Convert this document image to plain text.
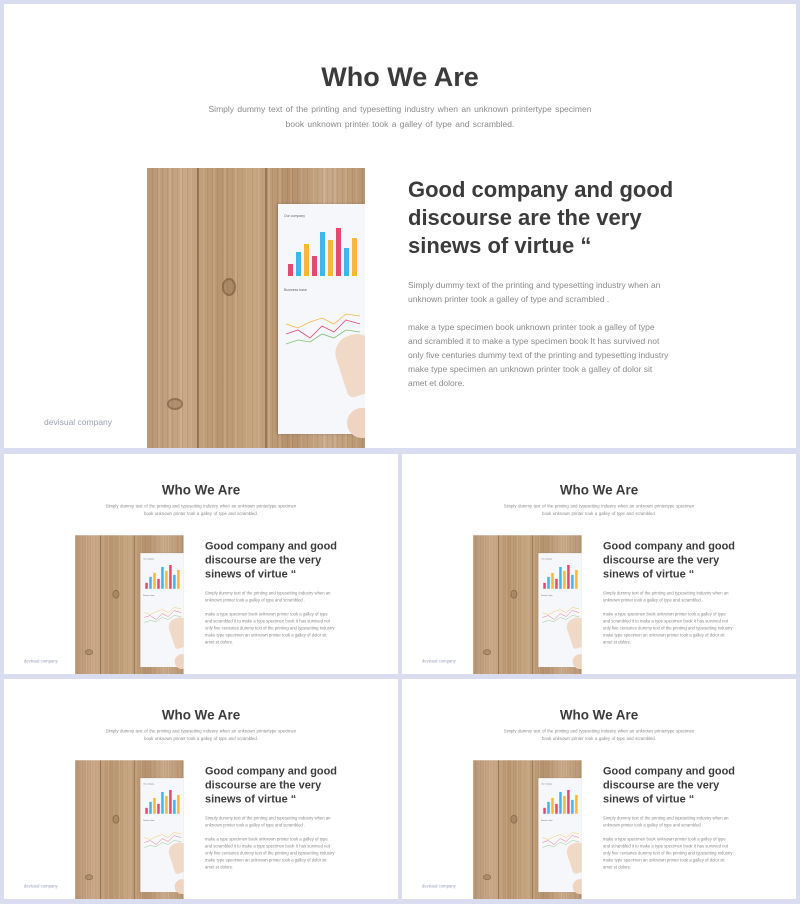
Who We Are

Simply dummy text of the printing and typesetting industry when an unknown printertype specimen book unknown printer took a galley of type and scrambled.

Our company
Business base
Good company and good discourse are the very sinews of virtue “

Simply dummy text of the printing and typesetting industry when an unknown printer took a galley of type and scrambled .

make a type specimen book unknown printer took a galley of type and scrambled it to make a type specimen book It has survived not only five centuries dummy text of the printing and typesetting industry make type specimen an unknown printer took a galley of dolor sit amet et dolore.

devisual company

Who We Are

Simply dummy text of the printing and typesetting industry when an unknown printertype specimen book unknown printer took a galley of type and scrambled.

Our company
Business base
Good company and good discourse are the very sinews of virtue “

Simply dummy text of the printing and typesetting industry when an unknown printer took a galley of type and scrambled .

make a type specimen book unknown printer took a galley of type and scrambled it to make a type specimen book It has survived not only five centuries dummy text of the printing and typesetting industry make type specimen an unknown printer took a galley of dolor sit amet et dolore.

devisual company

Who We Are

Simply dummy text of the printing and typesetting industry when an unknown printertype specimen book unknown printer took a galley of type and scrambled.

Our company
Business base
Good company and good discourse are the very sinews of virtue “

Simply dummy text of the printing and typesetting industry when an unknown printer took a galley of type and scrambled .

make a type specimen book unknown printer took a galley of type and scrambled it to make a type specimen book It has survived not only five centuries dummy text of the printing and typesetting industry make type specimen an unknown printer took a galley of dolor sit amet et dolore.

devisual company

Who We Are

Simply dummy text of the printing and typesetting industry when an unknown printertype specimen book unknown printer took a galley of type and scrambled.

Our company
Business base
Good company and good discourse are the very sinews of virtue “

Simply dummy text of the printing and typesetting industry when an unknown printer took a galley of type and scrambled .

make a type specimen book unknown printer took a galley of type and scrambled it to make a type specimen book It has survived not only five centuries dummy text of the printing and typesetting industry make type specimen an unknown printer took a galley of dolor sit amet et dolore.

devisual company

Who We Are

Simply dummy text of the printing and typesetting industry when an unknown printertype specimen book unknown printer took a galley of type and scrambled.

Our company
Business base
Good company and good discourse are the very sinews of virtue “

Simply dummy text of the printing and typesetting industry when an unknown printer took a galley of type and scrambled .

make a type specimen book unknown printer took a galley of type and scrambled it to make a type specimen book It has survived not only five centuries dummy text of the printing and typesetting industry make type specimen an unknown printer took a galley of dolor sit amet et dolore.

devisual company
